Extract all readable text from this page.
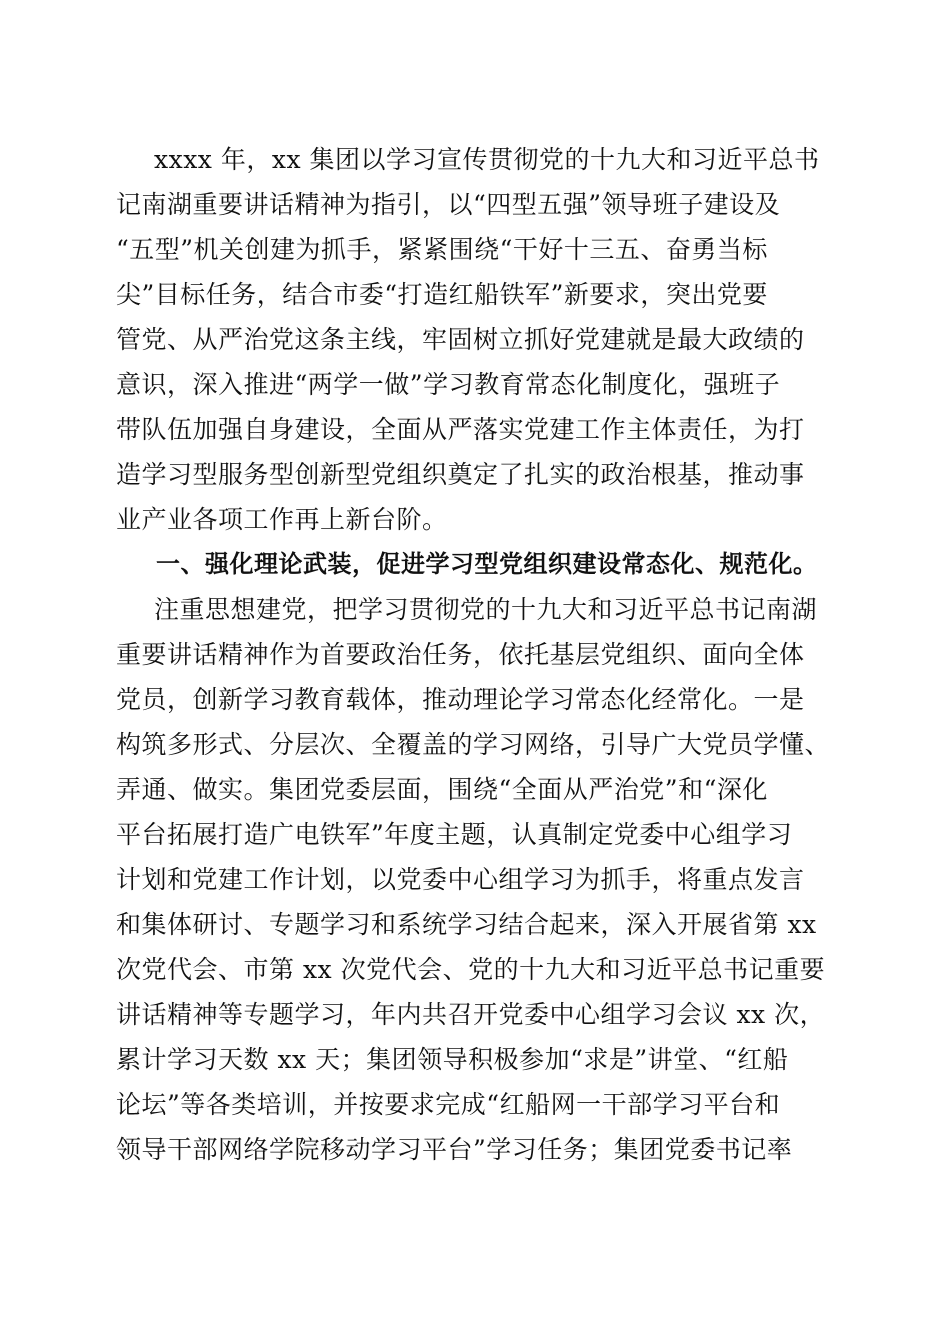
xxxx 年，xx 集团以学习宣传贯彻党的十九大和习近平总书
记南湖重要讲话精神为指引，以“四型五强”领导班子建设及
“五型”机关创建为抓手，紧紧围绕“干好十三五、奋勇当标
尖”目标任务，结合市委“打造红船铁军”新要求，突出党要
管党、从严治党这条主线，牢固树立抓好党建就是最大政绩的
意识，深入推进“两学一做”学习教育常态化制度化，强班子
带队伍加强自身建设，全面从严落实党建工作主体责任，为打
造学习型服务型创新型党组织奠定了扎实的政治根基，推动事
业产业各项工作再上新台阶。
一、强化理论武装，促进学习型党组织建设常态化、规范化。
注重思想建党，把学习贯彻党的十九大和习近平总书记南湖
重要讲话精神作为首要政治任务，依托基层党组织、面向全体
党员，创新学习教育载体，推动理论学习常态化经常化。一是
构筑多形式、分层次、全覆盖的学习网络，引导广大党员学懂、
弄通、做实。集团党委层面，围绕“全面从严治党”和“深化
平台拓展打造广电铁军”年度主题，认真制定党委中心组学习
计划和党建工作计划，以党委中心组学习为抓手，将重点发言
和集体研讨、专题学习和系统学习结合起来，深入开展省第 xx
次党代会、市第 xx 次党代会、党的十九大和习近平总书记重要
讲话精神等专题学习，年内共召开党委中心组学习会议 xx 次，
累计学习天数 xx 天；集团领导积极参加“求是”讲堂、“红船
论坛”等各类培训，并按要求完成“红船网一干部学习平台和
领导干部网络学院移动学习平台”学习任务；集团党委书记率
